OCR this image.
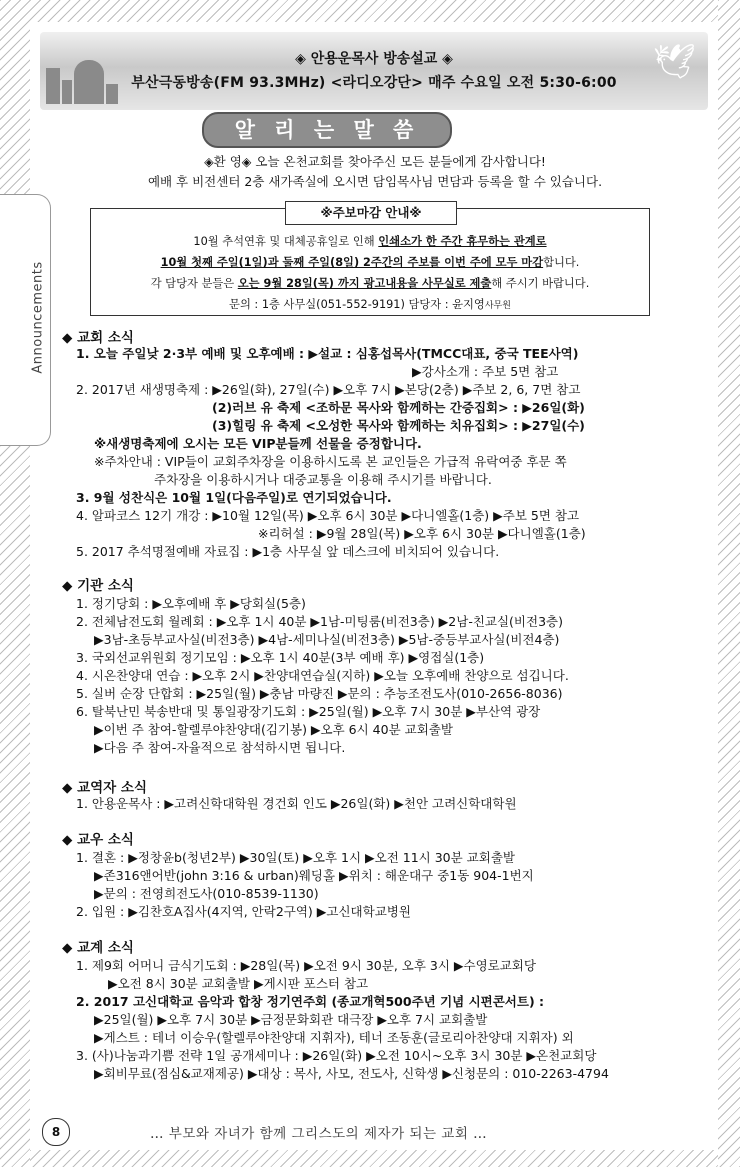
🕊
◈ 안용운목사 방송설교 ◈
부산극동방송(FM 93.3MHz) <라디오강단> 매주 수요일 오전 5:30-6:00
Announcements
알 리 는 말 씀
◈환 영◈ 오늘 온천교회를 찾아주신 모든 분들에게 감사합니다!
예배 후 비전센터 2층 새가족실에 오시면 담임목사님 면담과 등록을 할 수 있습니다.
※주보마감 안내※
10월 추석연휴 및 대체공휴일로 인해 인쇄소가 한 주간 휴무하는 관계로
10월 첫째 주일(1일)과 둘째 주일(8일) 2주간의 주보를 이번 주에 모두 마감합니다.
각 담당자 분들은 오는 9월 28일(목) 까지 광고내용을 사무실로 제출해 주시기 바랍니다.
문의 : 1층 사무실(051-552-9191) 담당자 : 윤지영사무원
◆ 교회 소식
1. 오늘 주일낮 2·3부 예배 및 오후예배 : ▶설교 : 심홍섭목사(TMCC대표, 중국 TEE사역)
▶강사소개 : 주보 5면 참고
2. 2017년 새생명축제 : ▶26일(화), 27일(수) ▶오후 7시 ▶본당(2층) ▶주보 2, 6, 7면 참고
(2)러브 유 축제 <조하문 목사와 함께하는 간증집회> : ▶26일(화)
(3)힐링 유 축제 <오성한 목사와 함께하는 치유집회> : ▶27일(수)
※새생명축제에 오시는 모든 VIP분들께 선물을 증정합니다.
※주차안내 : VIP들이 교회주차장을 이용하시도록 본 교인들은 가급적 유락여중 후문 쪽
주차장을 이용하시거나 대중교통을 이용해 주시기를 바랍니다.
3. 9월 성찬식은 10월 1일(다음주일)로 연기되었습니다.
4. 알파코스 12기 개강 : ▶10월 12일(목) ▶오후 6시 30분 ▶다니엘홀(1층) ▶주보 5면 참고
※리허설 : ▶9월 28일(목) ▶오후 6시 30분 ▶다니엘홀(1층)
5. 2017 추석명절예배 자료집 : ▶1층 사무실 앞 데스크에 비치되어 있습니다.
◆ 기관 소식
1. 정기당회 : ▶오후예배 후 ▶당회실(5층)
2. 전체남전도회 월례회 : ▶오후 1시 40분 ▶1남-미팅룸(비전3층) ▶2남-친교실(비전3층)
▶3남-초등부교사실(비전3층) ▶4남-세미나실(비전3층) ▶5남-중등부교사실(비전4층)
3. 국외선교위원회 정기모임 : ▶오후 1시 40분(3부 예배 후) ▶영접실(1층)
4. 시온찬양대 연습 : ▶오후 2시 ▶찬양대연습실(지하) ▶오늘 오후예배 찬양으로 섬깁니다.
5. 실버 순장 단합회 : ▶25일(월) ▶충남 마량진 ▶문의 : 추능조전도사(010-2656-8036)
6. 탈북난민 북송반대 및 통일광장기도회 : ▶25일(월) ▶오후 7시 30분 ▶부산역 광장
▶이번 주 참여-할렐루야찬양대(김기봉) ▶오후 6시 40분 교회출발
▶다음 주 참여-자율적으로 참석하시면 됩니다.
◆ 교역자 소식
1. 안용운목사 : ▶고려신학대학원 경건회 인도 ▶26일(화) ▶천안 고려신학대학원
◆ 교우 소식
1. 결혼 : ▶정창윤b(청년2부) ▶30일(토) ▶오후 1시 ▶오전 11시 30분 교회출발
▶존316앤어반(john 3:16 & urban)웨딩홀 ▶위치 : 해운대구 중1동 904-1번지
▶문의 : 전영희전도사(010-8539-1130)
2. 입원 : ▶김찬호A집사(4지역, 안락2구역) ▶고신대학교병원
◆ 교계 소식
1. 제9회 어머니 금식기도회 : ▶28일(목) ▶오전 9시 30분, 오후 3시 ▶수영로교회당
▶오전 8시 30분 교회출발 ▶게시판 포스터 참고
2. 2017 고신대학교 음악과 합창 정기연주회 (종교개혁500주년 기념 시편콘서트) :
▶25일(월) ▶오후 7시 30분 ▶금정문화회관 대극장 ▶오후 7시 교회출발
▶게스트 : 테너 이승우(할렐루야찬양대 지휘자), 테너 조동훈(글로리아찬양대 지휘자) 외
3. (사)나눔과기쁨 전략 1일 공개세미나 : ▶26일(화) ▶오전 10시~오후 3시 30분 ▶온천교회당
▶회비무료(점심&교재제공) ▶대상 : 목사, 사모, 전도사, 신학생 ▶신청문의 : 010-2263-4794
8	… 부모와 자녀가 함께 그리스도의 제자가 되는 교회 …
